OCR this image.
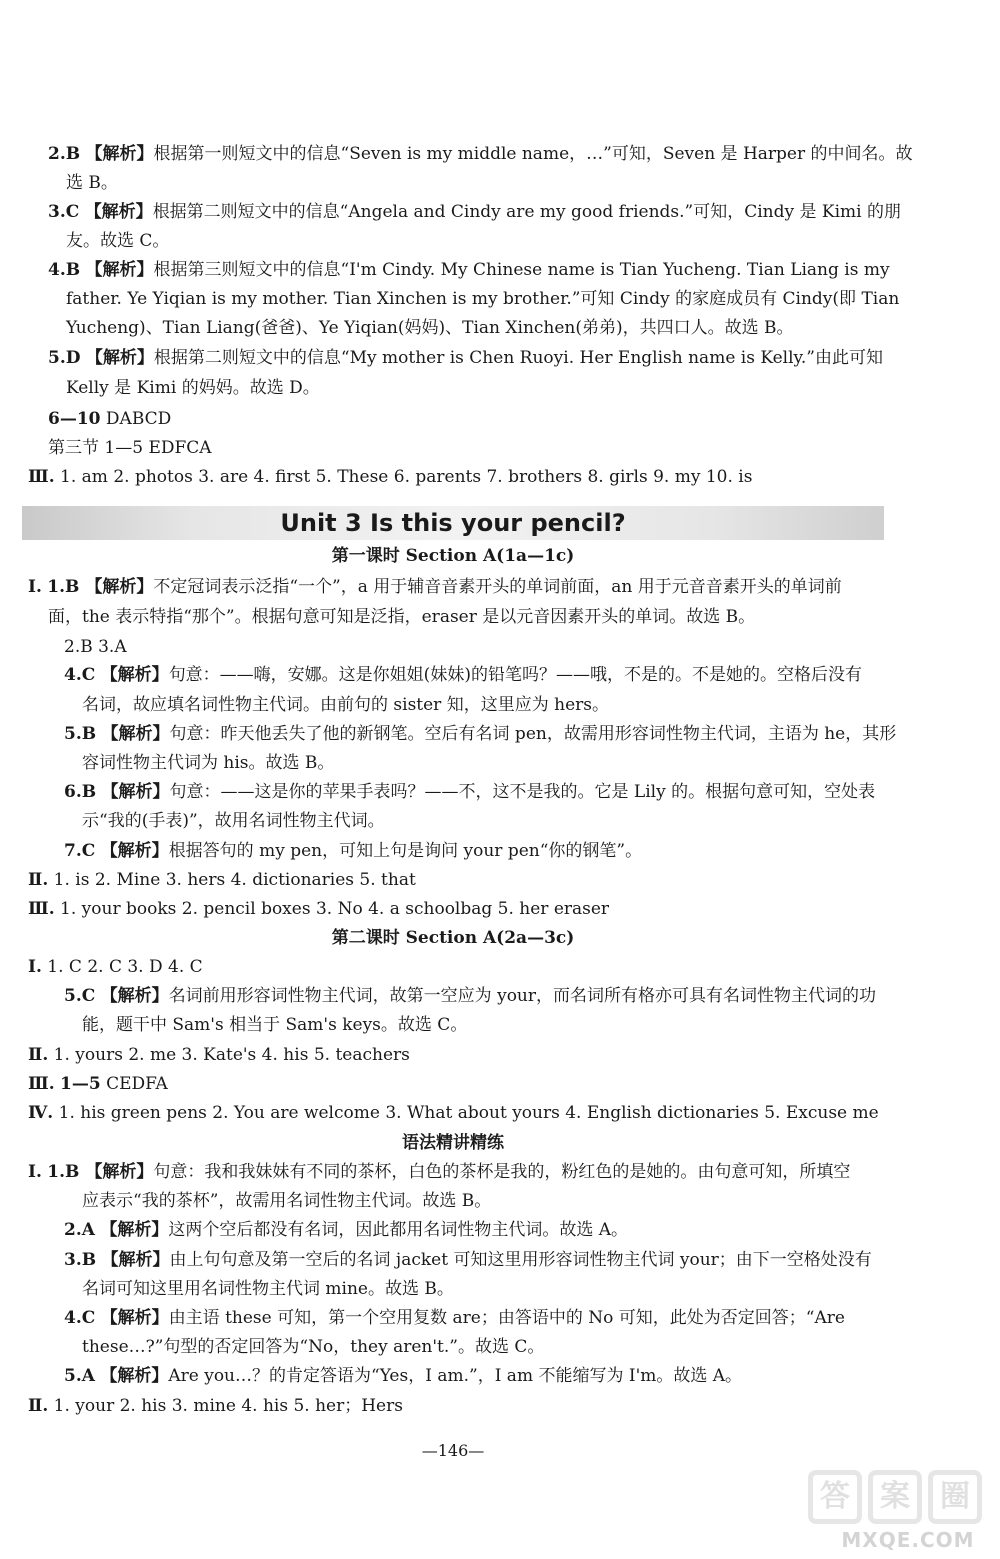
2.B 【解析】根据第一则短文中的信息“Seven is my middle name，…”可知，Seven 是 Harper 的中间名。故
选 B。
3.C 【解析】根据第二则短文中的信息“Angela and Cindy are my good friends.”可知，Cindy 是 Kimi 的朋
友。故选 C。
4.B 【解析】根据第三则短文中的信息“I'm Cindy. My Chinese name is Tian Yucheng. Tian Liang is my
father. Ye Yiqian is my mother. Tian Xinchen is my brother.”可知 Cindy 的家庭成员有 Cindy(即 Tian
Yucheng)、Tian Liang(爸爸)、Ye Yiqian(妈妈)、Tian Xinchen(弟弟)，共四口人。故选 B。
5.D 【解析】根据第二则短文中的信息“My mother is Chen Ruoyi. Her English name is Kelly.”由此可知
Kelly 是 Kimi 的妈妈。故选 D。
6—10 DABCD
第三节 1—5 EDFCA
Ⅲ. 1. am 2. photos 3. are 4. first 5. These 6. parents 7. brothers 8. girls 9. my 10. is
Ⅰ. 1.B 【解析】不定冠词表示泛指“一个”，a 用于辅音音素开头的单词前面，an 用于元音音素开头的单词前
面，the 表示特指“那个”。根据句意可知是泛指，eraser 是以元音因素开头的单词。故选 B。
2.B 3.A
4.C 【解析】句意：——嗨，安娜。这是你姐姐(妹妹)的铅笔吗？——哦，不是的。不是她的。空格后没有
名词，故应填名词性物主代词。由前句的 sister 知，这里应为 hers。
5.B 【解析】句意：昨天他丢失了他的新钢笔。空后有名词 pen，故需用形容词性物主代词，主语为 he，其形
容词性物主代词为 his。故选 B。
6.B 【解析】句意：——这是你的苹果手表吗？——不，这不是我的。它是 Lily 的。根据句意可知，空处表
示“我的(手表)”，故用名词性物主代词。
7.C 【解析】根据答句的 my pen，可知上句是询问 your pen“你的钢笔”。
Ⅱ. 1. is 2. Mine 3. hers 4. dictionaries 5. that
Ⅲ. 1. your books 2. pencil boxes 3. No 4. a schoolbag 5. her eraser
Ⅰ. 1. C 2. C 3. D 4. C
5.C 【解析】名词前用形容词性物主代词，故第一空应为 your，而名词所有格亦可具有名词性物主代词的功
能，题干中 Sam's 相当于 Sam's keys。故选 C。
Ⅱ. 1. yours 2. me 3. Kate's 4. his 5. teachers
Ⅲ. 1—5 CEDFA
Ⅳ. 1. his green pens 2. You are welcome 3. What about yours 4. English dictionaries 5. Excuse me
Ⅰ. 1.B 【解析】句意：我和我妹妹有不同的茶杯，白色的茶杯是我的，粉红色的是她的。由句意可知，所填空
应表示“我的茶杯”，故需用名词性物主代词。故选 B。
2.A 【解析】这两个空后都没有名词，因此都用名词性物主代词。故选 A。
3.B 【解析】由上句句意及第一空后的名词 jacket 可知这里用形容词性物主代词 your；由下一空格处没有
名词可知这里用名词性物主代词 mine。故选 B。
4.C 【解析】由主语 these 可知，第一个空用复数 are；由答语中的 No 可知，此处为否定回答；“Are
these…?”句型的否定回答为“No，they aren't.”。故选 C。
5.A 【解析】Are you…？的肯定答语为“Yes，I am.”，I am 不能缩写为 I'm。故选 A。
Ⅱ. 1. your 2. his 3. mine 4. his 5. her；Hers
Unit 3 Is this your pencil?
第一课时 Section A(1a—1c)
第二课时 Section A(2a—3c)
语法精讲精练
—146—
答	案	圈
MXQE.COM
